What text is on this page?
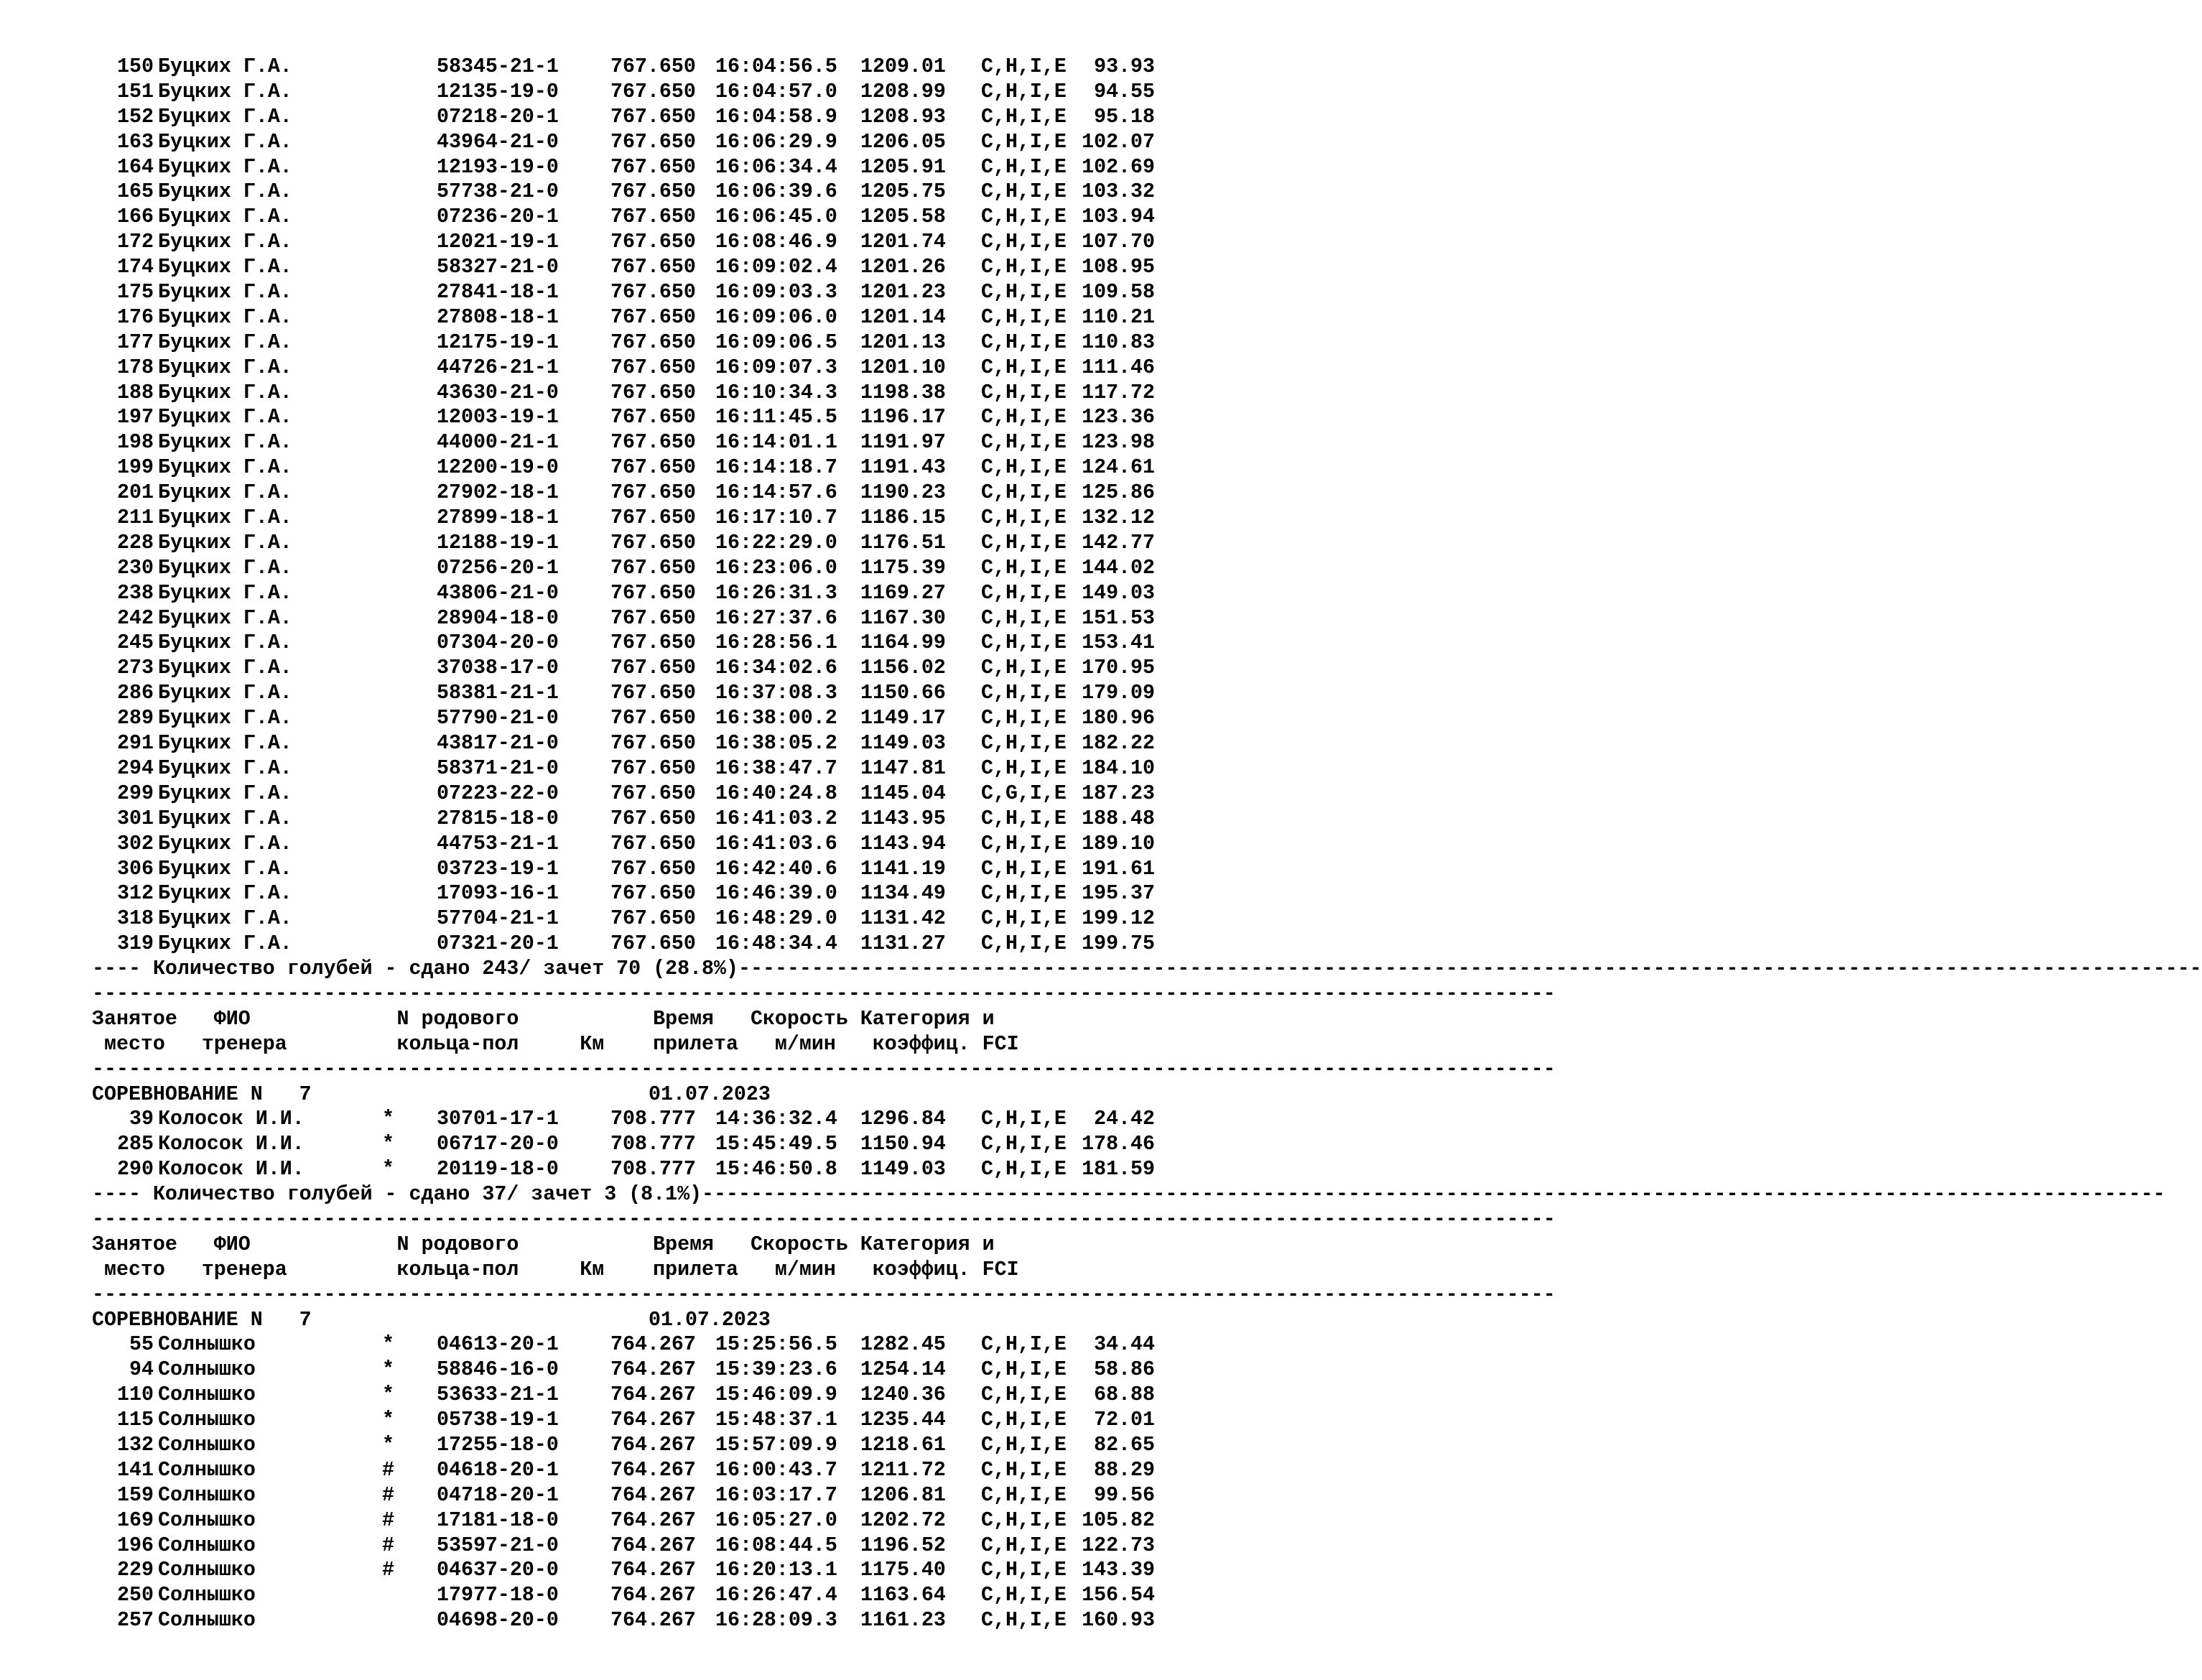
150 Буцких Г.А.	58345-21-1	767.650 16:04:56.5 1209.01 C,H,I,E 93.93
151 Буцких Г.А.	12135-19-0	767.650 16:04:57.0 1208.99 C,H,I,E 94.55
152 Буцких Г.А.	07218-20-1	767.650 16:04:58.9 1208.93 C,H,I,E 95.18
163 Буцких Г.А.	43964-21-0	767.650 16:06:29.9 1206.05 C,H,I,E 102.07
164 Буцких Г.А.	12193-19-0	767.650 16:06:34.4 1205.91 C,H,I,E 102.69
165 Буцких Г.А.	57738-21-0	767.650 16:06:39.6 1205.75 C,H,I,E 103.32
166 Буцких Г.А.	07236-20-1	767.650 16:06:45.0 1205.58 C,H,I,E 103.94
172 Буцких Г.А.	12021-19-1	767.650 16:08:46.9 1201.74 C,H,I,E 107.70
174 Буцких Г.А.	58327-21-0	767.650 16:09:02.4 1201.26 C,H,I,E 108.95
175 Буцких Г.А.	27841-18-1	767.650 16:09:03.3 1201.23 C,H,I,E 109.58
176 Буцких Г.А.	27808-18-1	767.650 16:09:06.0 1201.14 C,H,I,E 110.21
177 Буцких Г.А.	12175-19-1	767.650 16:09:06.5 1201.13 C,H,I,E 110.83
178 Буцких Г.А.	44726-21-1	767.650 16:09:07.3 1201.10 C,H,I,E 111.46
188 Буцких Г.А.	43630-21-0	767.650 16:10:34.3 1198.38 C,H,I,E 117.72
197 Буцких Г.А.	12003-19-1	767.650 16:11:45.5 1196.17 C,H,I,E 123.36
198 Буцких Г.А.	44000-21-1	767.650 16:14:01.1 1191.97 C,H,I,E 123.98
199 Буцких Г.А.	12200-19-0	767.650 16:14:18.7 1191.43 C,H,I,E 124.61
201 Буцких Г.А.	27902-18-1	767.650 16:14:57.6 1190.23 C,H,I,E 125.86
211 Буцких Г.А.	27899-18-1	767.650 16:17:10.7 1186.15 C,H,I,E 132.12
228 Буцких Г.А.	12188-19-1	767.650 16:22:29.0 1176.51 C,H,I,E 142.77
230 Буцких Г.А.	07256-20-1	767.650 16:23:06.0 1175.39 C,H,I,E 144.02
238 Буцких Г.А.	43806-21-0	767.650 16:26:31.3 1169.27 C,H,I,E 149.03
242 Буцких Г.А.	28904-18-0	767.650 16:27:37.6 1167.30 C,H,I,E 151.53
245 Буцких Г.А.	07304-20-0	767.650 16:28:56.1 1164.99 C,H,I,E 153.41
273 Буцких Г.А.	37038-17-0	767.650 16:34:02.6 1156.02 C,H,I,E 170.95
286 Буцких Г.А.	58381-21-1	767.650 16:37:08.3 1150.66 C,H,I,E 179.09
289 Буцких Г.А.	57790-21-0	767.650 16:38:00.2 1149.17 C,H,I,E 180.96
291 Буцких Г.А.	43817-21-0	767.650 16:38:05.2 1149.03 C,H,I,E 182.22
294 Буцких Г.А.	58371-21-0	767.650 16:38:47.7 1147.81 C,H,I,E 184.10
299 Буцких Г.А.	07223-22-0	767.650 16:40:24.8 1145.04 C,G,I,E 187.23
301 Буцких Г.А.	27815-18-0	767.650 16:41:03.2 1143.95 C,H,I,E 188.48
302 Буцких Г.А.	44753-21-1	767.650 16:41:03.6 1143.94 C,H,I,E 189.10
306 Буцких Г.А.	03723-19-1	767.650 16:42:40.6 1141.19 C,H,I,E 191.61
312 Буцких Г.А.	17093-16-1	767.650 16:46:39.0 1134.49 C,H,I,E 195.37
318 Буцких Г.А.	57704-21-1	767.650 16:48:29.0 1131.42 C,H,I,E 199.12
319 Буцких Г.А.	07321-20-1	767.650 16:48:34.4 1131.27 C,H,I,E 199.75
---- Количество голубей - сдано 243/ зачет 70 (28.8%)------------------------------------------------------------------------------------------------------------------------
------------------------------------------------------------------------------------------------------------------------
Занятое   ФИО            N родового           Время   Скорость Категория и
место   тренера         кольца-пол     Км    прилета   м/мин   коэффиц. FCI
------------------------------------------------------------------------------------------------------------------------
СОРЕВНОВАНИЕ N   7	01.07.2023
39 Колосок И.И.	* 30701-17-1	708.777 14:36:32.4 1296.84 C,H,I,E 24.42
285 Колосок И.И.	* 06717-20-0	708.777 15:45:49.5 1150.94 C,H,I,E 178.46
290 Колосок И.И.	* 20119-18-0	708.777 15:46:50.8 1149.03 C,H,I,E 181.59
---- Количество голубей - сдано 37/ зачет 3 (8.1%)------------------------------------------------------------------------------------------------------------------------
------------------------------------------------------------------------------------------------------------------------
Занятое   ФИО            N родового           Время   Скорость Категория и
место   тренера         кольца-пол     Км    прилета   м/мин   коэффиц. FCI
------------------------------------------------------------------------------------------------------------------------
СОРЕВНОВАНИЕ N   7	01.07.2023
55 Солнышко	* 04613-20-1	764.267 15:25:56.5 1282.45 C,H,I,E 34.44
94 Солнышко	* 58846-16-0	764.267 15:39:23.6 1254.14 C,H,I,E 58.86
110 Солнышко	* 53633-21-1	764.267 15:46:09.9 1240.36 C,H,I,E 68.88
115 Солнышко	* 05738-19-1	764.267 15:48:37.1 1235.44 C,H,I,E 72.01
132 Солнышко	* 17255-18-0	764.267 15:57:09.9 1218.61 C,H,I,E 82.65
141 Солнышко	# 04618-20-1	764.267 16:00:43.7 1211.72 C,H,I,E 88.29
159 Солнышко	# 04718-20-1	764.267 16:03:17.7 1206.81 C,H,I,E 99.56
169 Солнышко	# 17181-18-0	764.267 16:05:27.0 1202.72 C,H,I,E 105.82
196 Солнышко	# 53597-21-0	764.267 16:08:44.5 1196.52 C,H,I,E 122.73
229 Солнышко	# 04637-20-0	764.267 16:20:13.1 1175.40 C,H,I,E 143.39
250 Солнышко	17977-18-0	764.267 16:26:47.4 1163.64 C,H,I,E 156.54
257 Солнышко	04698-20-0	764.267 16:28:09.3 1161.23 C,H,I,E 160.93
